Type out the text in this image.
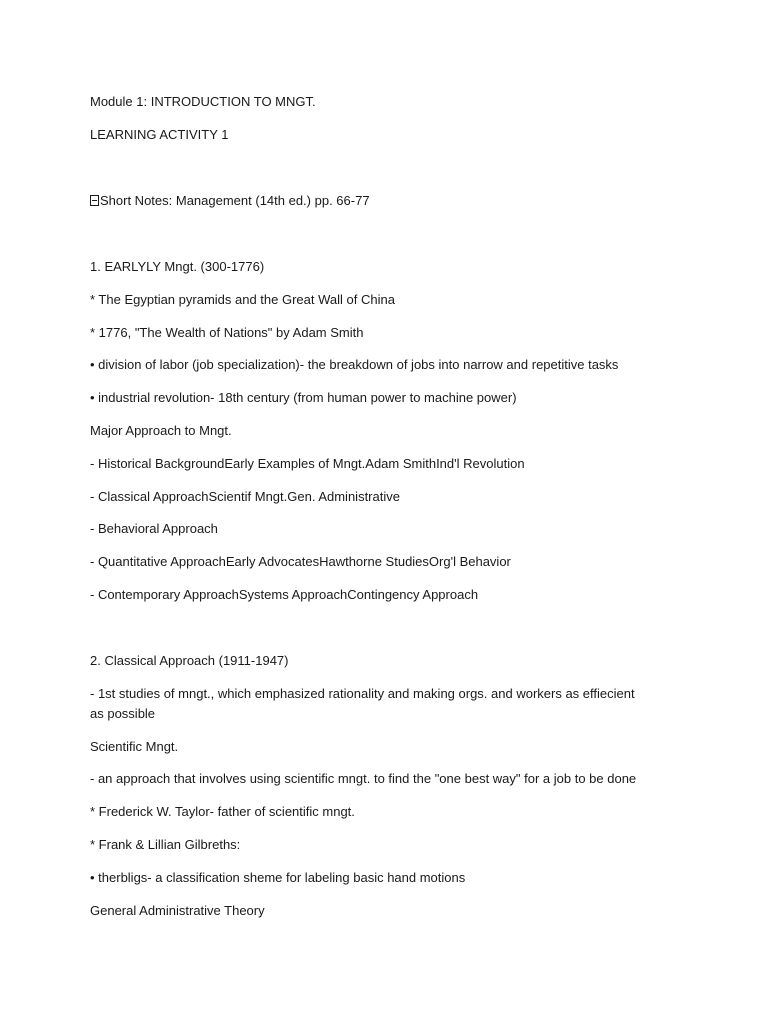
Module 1: INTRODUCTION TO MNGT.
LEARNING ACTIVITY 1
Short Notes: Management (14th ed.) pp. 66-77
1. EARLYLY Mngt. (300-1776)
* The Egyptian pyramids and the Great Wall of China
* 1776, "The Wealth of Nations" by Adam Smith
• division of labor (job specialization)- the breakdown of jobs into narrow and repetitive tasks
• industrial revolution- 18th century (from human power to machine power)
Major Approach to Mngt.
- Historical BackgroundEarly Examples of Mngt.Adam SmithInd'l Revolution
- Classical ApproachScientif Mngt.Gen. Administrative
- Behavioral Approach
- Quantitative ApproachEarly AdvocatesHawthorne StudiesOrg'l Behavior
- Contemporary ApproachSystems ApproachContingency Approach
2. Classical Approach (1911-1947)
- 1st studies of mngt., which emphasized rationality and making orgs. and workers as effiecient as possible
Scientific Mngt.
- an approach that involves using scientific mngt. to find the "one best way" for a job to be done
* Frederick W. Taylor- father of scientific mngt.
* Frank & Lillian Gilbreths:
• therbligs- a classification sheme for labeling basic hand motions
General Administrative Theory
